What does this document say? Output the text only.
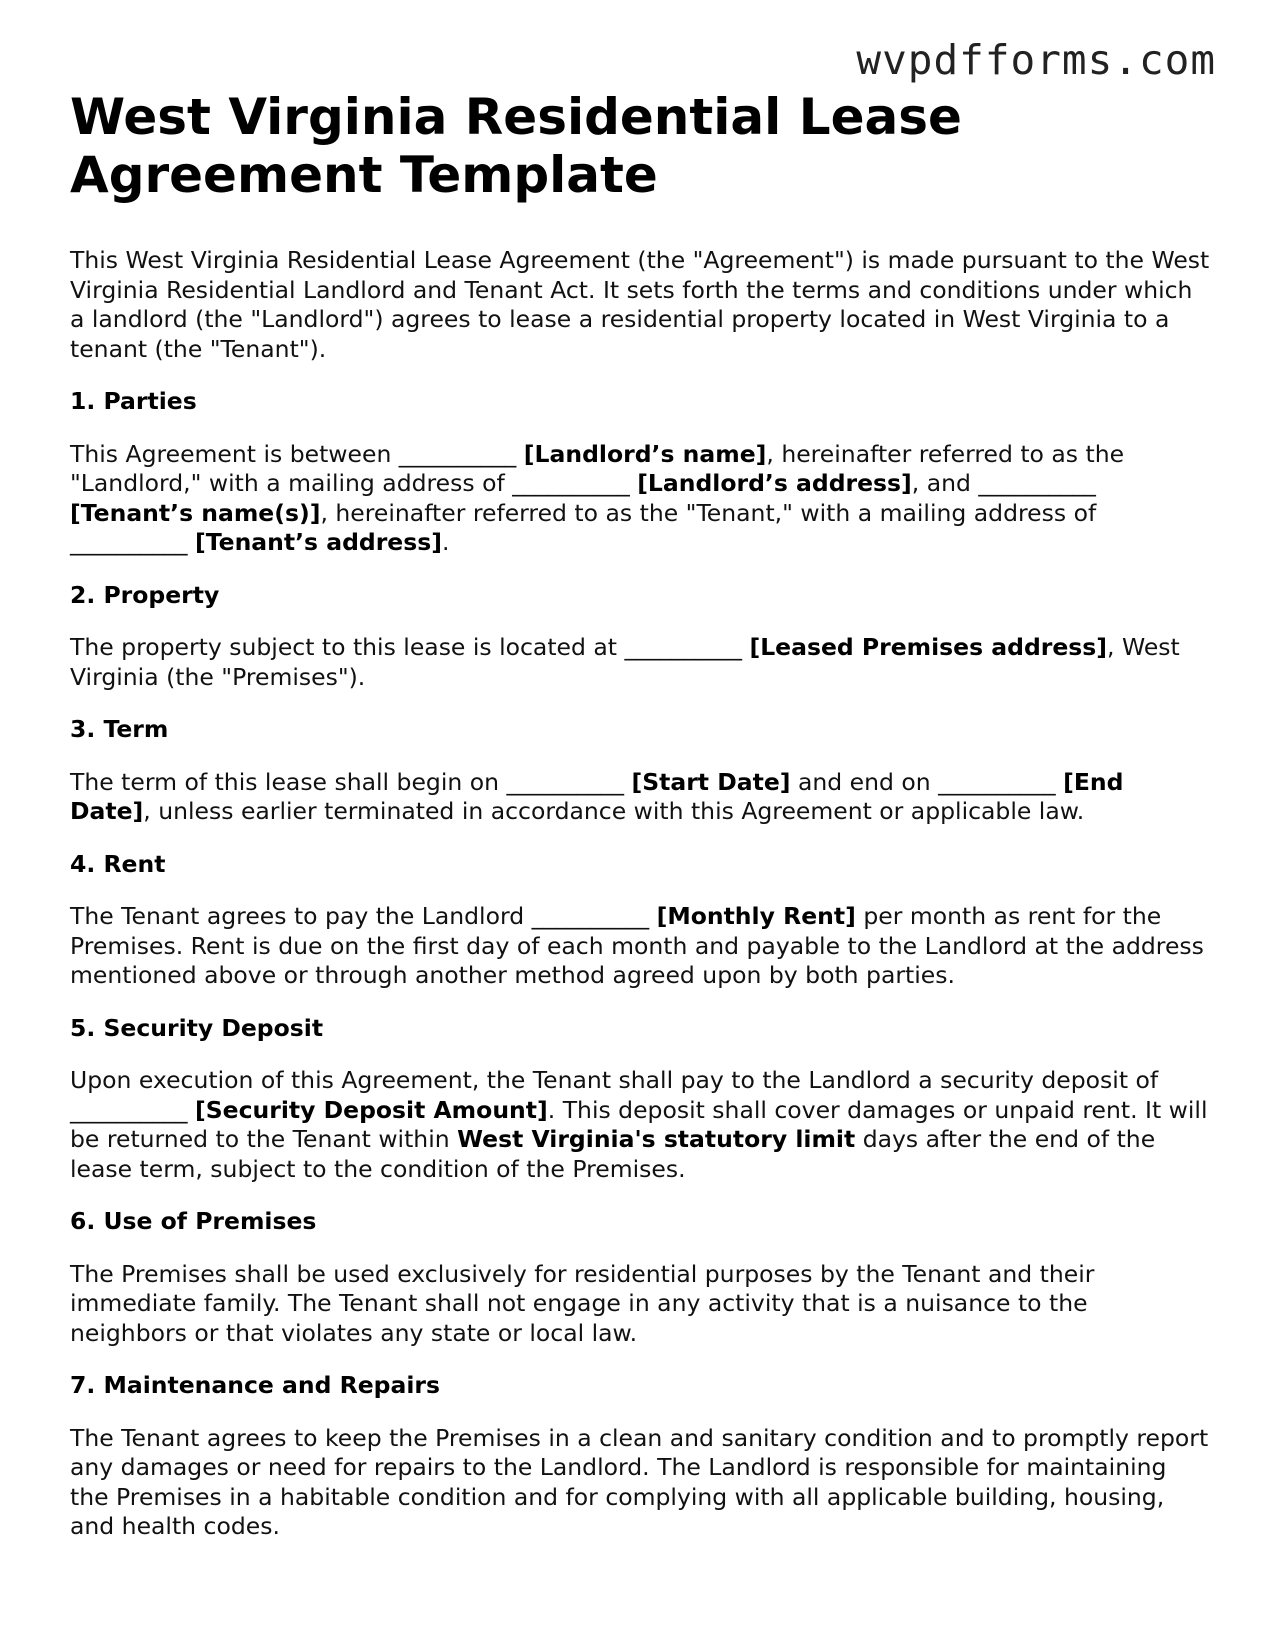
wvpdfforms.com
West Virginia Residential Lease Agreement Template

This West Virginia Residential Lease Agreement (the "Agreement") is made pursuant to the West Virginia Residential Landlord and Tenant Act. It sets forth the terms and conditions under which a landlord (the "Landlord") agrees to lease a residential property located in West Virginia to a tenant (the "Tenant").

1. Parties

This Agreement is between __________ [Landlord’s name], hereinafter referred to as the "Landlord," with a mailing address of __________ [Landlord’s address], and __________ [Tenant’s name(s)], hereinafter referred to as the "Tenant," with a mailing address of __________ [Tenant’s address].

2. Property

The property subject to this lease is located at __________ [Leased Premises address], West Virginia (the "Premises").

3. Term

The term of this lease shall begin on __________ [Start Date] and end on __________ [End Date], unless earlier terminated in accordance with this Agreement or applicable law.

4. Rent

The Tenant agrees to pay the Landlord __________ [Monthly Rent] per month as rent for the Premises. Rent is due on the first day of each month and payable to the Landlord at the address mentioned above or through another method agreed upon by both parties.

5. Security Deposit

Upon execution of this Agreement, the Tenant shall pay to the Landlord a security deposit of __________ [Security Deposit Amount]. This deposit shall cover damages or unpaid rent. It will be returned to the Tenant within West Virginia's statutory limit days after the end of the lease term, subject to the condition of the Premises.

6. Use of Premises

The Premises shall be used exclusively for residential purposes by the Tenant and their immediate family. The Tenant shall not engage in any activity that is a nuisance to the neighbors or that violates any state or local law.

7. Maintenance and Repairs

The Tenant agrees to keep the Premises in a clean and sanitary condition and to promptly report any damages or need for repairs to the Landlord. The Landlord is responsible for maintaining the Premises in a habitable condition and for complying with all applicable building, housing, and health codes.
